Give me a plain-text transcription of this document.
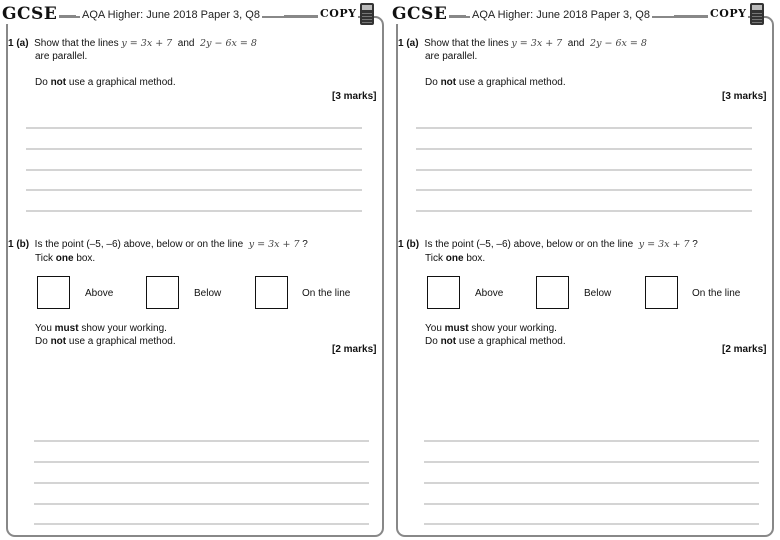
GCSE AQA Higher: June 2018 Paper 3, Q8	COPY
1 (a) Show that the lines y = 3x + 7 and 2y − 6x = 8
are parallel.
Do not use a graphical method.
[3 marks]
1 (b) Is the point (–5, –6) above, below or on the line y = 3x + 7 ?
Tick one box.
Above	Below	On the line
You must show your working.
Do not use a graphical method.
[2 marks]
GCSE AQA Higher: June 2018 Paper 3, Q8	COPY
1 (a) Show that the lines y = 3x + 7 and 2y − 6x = 8
are parallel.
Do not use a graphical method.
[3 marks]
1 (b) Is the point (–5, –6) above, below or on the line y = 3x + 7 ?
Tick one box.
Above	Below	On the line
You must show your working.
Do not use a graphical method.
[2 marks]
